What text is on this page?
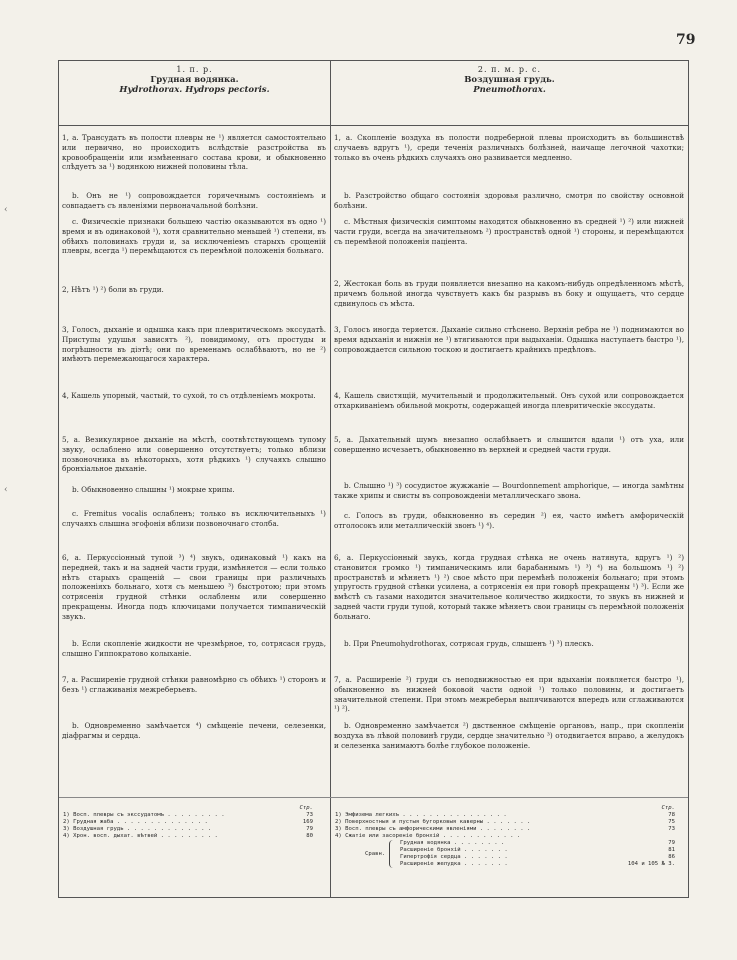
79
1. п. р.
Грудная водянка.
Hydrothorax. Hydrops pectoris.
2. п. м. р. с.
Воздушная грудь.
Pneumothorax.

1, a. Трансудатъ въ полости плевры не ¹) является самостоятельно или первично, но происходитъ вслѣдствіе разстройства въ кровообращеніи или измѣненнаго состава крови, и обыкновенно слѣдуетъ за ¹) водянкою нижней половины тѣла.

b. Онъ не ¹) сопровождается горячечнымъ состояніемъ и совпадаетъ съ явленіями первоначальной болѣзни.

c. Физическіе признаки большею частію оказываются въ одно ¹) время и въ одинаковой ¹), хотя сравнительно меньшей ¹) степени, въ обѣихъ половинахъ груди и, за исключеніемъ старыхъ срощеній плевры, всегда ¹) перемѣщаются съ перемѣной положенія больнаго.

2, Нѣтъ ¹) ²) боли въ груди.

3, Голосъ, дыханіе и одышка какъ при плевритическомъ экссудатѣ. Приступы удушья зависятъ ²), повидимому, отъ простуды и погрѣшности въ діэтѣ; они по временамъ ослабѣваютъ, но не ²) имѣютъ перемежающагося характера.

4, Кашель упорный, частый, то сухой, то съ отдѣленіемъ мокроты.

5, a. Везикулярное дыханіе на мѣстѣ, соотвѣтствующемъ тупому звуку, ослаблено или совершенно отсутствуетъ; только вблизи позвоночника въ нѣкоторыхъ, хотя рѣдкихъ ¹) случаяхъ слышно бронхіальное дыханіе.

b. Обыкновенно слышны ¹) мокрые хрипы.

c. Fremitus vocalis ослабленъ; только въ исключительныхъ ¹) случаяхъ слышна эгофонія вблизи позвоночнаго столба.

6, a. Перкуссіонный тупой ³) ⁴) звукъ, одинаковый ¹) какъ на передней, такъ и на задней части груди, измѣняется — если только нѣтъ старыхъ сращеній — свои границы при различныхъ положеніяхъ больнаго, хотя съ меньшею ³) быстротою; при этомъ сотрясенія грудной стѣнки ослаблены или совершенно прекращены. Иногда подъ ключицами получается тимпаническій звукъ.

b. Если скопленіе жидкости не чрезмѣрное, то, сотрясася грудь, слышно Гиппократово колыханіе.

7, a. Расширеніе грудной стѣнки равномѣрно съ обѣихъ ¹) сторонъ и безъ ¹) сглаживанія межреберьевъ.

b. Одновременно замѣчается ⁴) смѣщеніе печени, селезенки, діафрагмы и сердца.

1, a. Скопленіе воздуха въ полости подреберной плевы происходитъ въ большинствѣ случаевъ вдругъ ¹), среди теченія различныхъ болѣзней, наичаще легочной чахотки; только въ очень рѣдкихъ случаяхъ оно развивается медленно.

b. Разстройство общаго состоянія здоровья различно, смотря по свойству основной болѣзни.

c. Мѣстныя физическія симптомы находятся обыкновенно въ средней ¹) ²) или нижней части груди, всегда на значительномъ ²) пространствѣ одной ¹) стороны, и перемѣщаются съ перемѣной положенія паціента.

2, Жестокая боль въ груди появляется внезапно на какомъ-нибудь опредѣленномъ мѣстѣ, причемъ больной иногда чувствуетъ какъ бы разрывъ въ боку и ощущаетъ, что сердце сдвинулось съ мѣста.

3, Голосъ иногда теряется. Дыханіе сильно стѣснено. Верхнія ребра не ¹) поднимаются во время вдыханія и нижнія не ¹) втягиваются при выдыханіи. Одышка наступаетъ быстро ¹), сопровождается сильною тоскою и достигаетъ крайнихъ предѣловъ.

4, Кашель свистящій, мучительный и продолжительный. Онъ сухой или сопровождается отхаркиваніемъ обильной мокроты, содержащей иногда плевритическіе экссудаты.

5, a. Дыхательный шумъ внезапно ослабѣваетъ и слышится вдали ¹) отъ уха, или совершенно исчезаетъ, обыкновенно въ верхней и средней части груди.

b. Слышно ¹) ³) сосудистое жужжаніе — Bourdonnement amphorique, — иногда замѣтны также хрипы и свисты въ сопровожденіи металлическаго звона.

c. Голосъ въ груди, обыкновенно въ середин ²) ея, часто имѣетъ амфорическій отголосокъ или металлическій звонъ ¹) ⁴).

6, a. Перкуссіонный звукъ, когда грудная стѣнка не очень натянута, вдругъ ¹) ²) становится громко ¹) тимпаническимъ или барабаннымъ ¹) ³) ⁴) на большомъ ¹) ²) пространствѣ и мѣняетъ ¹) ²) свое мѣсто при перемѣнѣ положенія больнаго; при этомъ упругость грудной стѣнки усилена, а сотрясенія ея при говорѣ прекращены ¹) ³). Если же вмѣстѣ съ газами находится значительное количество жидкости, то звукъ въ нижней и задней части груди тупой, который также мѣняетъ свои границы съ перемѣной положенія больнаго.

b. При Pneumohydrothorax, сотрясая грудь, слышенъ ¹) ³) плескъ.

7, a. Расширеніе ²) груди съ неподвижностью ея при вдыханіи появляется быстро ¹), обыкновенно въ нижней боковой части одной ¹) только половины, и достигаетъ значительной степени. При этомъ межреберья выпячиваются впередъ или сглаживаются ¹) ²).

b. Одновременно замѣчается ²) двственное смѣщеніе органовъ, напр., при скопленіи воздуха въ лѣвой половинѣ груди, сердце значительно ³) отодвигается вправо, а желудокъ и селезенка занимаютъ болѣе глубокое положеніе.

Стр.
1) Восп. плевры съ экссудатомъ . . . . . . . . .	73
2) Грудная жаба . . . . . . . . . . . . . .	169
3) Воздушная грудь . . . . . . . . . . . . .	79
4) Хрон. восп. дыхат. вѣтвей . . . . . . . . .	80
Стр.
1) Эмфизема легкихъ . . . . . . . . . . . . . . . .	78
2) Поверхностныя и пустыя бугорковыя каверны . . . . . . .	75
3) Восп. плевры съ амфорическими явленіями . . . . . . . .	73
4) Сжатіе или засореніе бронхій . . . . . . . . . . . .
Сравн.
Грудная водянка . . . . . . . .	79
Расширеніе бронхій . . . . . . .	81
Гипертрофія сердца . . . . . . .	86
Расширеніе желудка . . . . . . .	104 и 105 № 3.
‹
‹
